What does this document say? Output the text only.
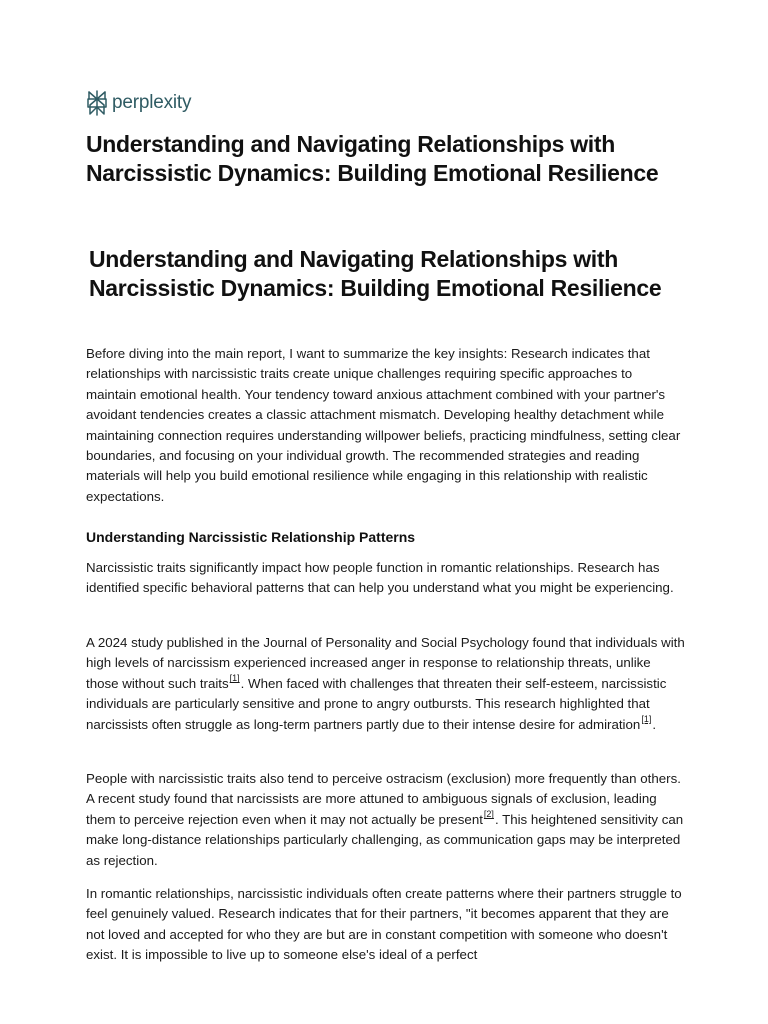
perplexity
Understanding and Navigating Relationships with Narcissistic Dynamics: Building Emotional Resilience
Understanding and Navigating Relationships with Narcissistic Dynamics: Building Emotional Resilience

Before diving into the main report, I want to summarize the key insights: Research indicates that relationships with narcissistic traits create unique challenges requiring specific approaches to maintain emotional health. Your tendency toward anxious attachment combined with your partner's avoidant tendencies creates a classic attachment mismatch. Developing healthy detachment while maintaining connection requires understanding willpower beliefs, practicing mindfulness, setting clear boundaries, and focusing on your individual growth. The recommended strategies and reading materials will help you build emotional resilience while engaging in this relationship with realistic expectations.

Understanding Narcissistic Relationship Patterns

Narcissistic traits significantly impact how people function in romantic relationships. Research has identified specific behavioral patterns that can help you understand what you might be experiencing.

A 2024 study published in the Journal of Personality and Social Psychology found that individuals with high levels of narcissism experienced increased anger in response to relationship threats, unlike those without such traits[1]. When faced with challenges that threaten their self-esteem, narcissistic individuals are particularly sensitive and prone to angry outbursts. This research highlighted that narcissists often struggle as long-term partners partly due to their intense desire for admiration[1].

People with narcissistic traits also tend to perceive ostracism (exclusion) more frequently than others. A recent study found that narcissists are more attuned to ambiguous signals of exclusion, leading them to perceive rejection even when it may not actually be present[2]. This heightened sensitivity can make long-distance relationships particularly challenging, as communication gaps may be interpreted as rejection.

In romantic relationships, narcissistic individuals often create patterns where their partners struggle to feel genuinely valued. Research indicates that for their partners, "it becomes apparent that they are not loved and accepted for who they are but are in constant competition with someone who doesn't exist. It is impossible to live up to someone else's ideal of a perfect
